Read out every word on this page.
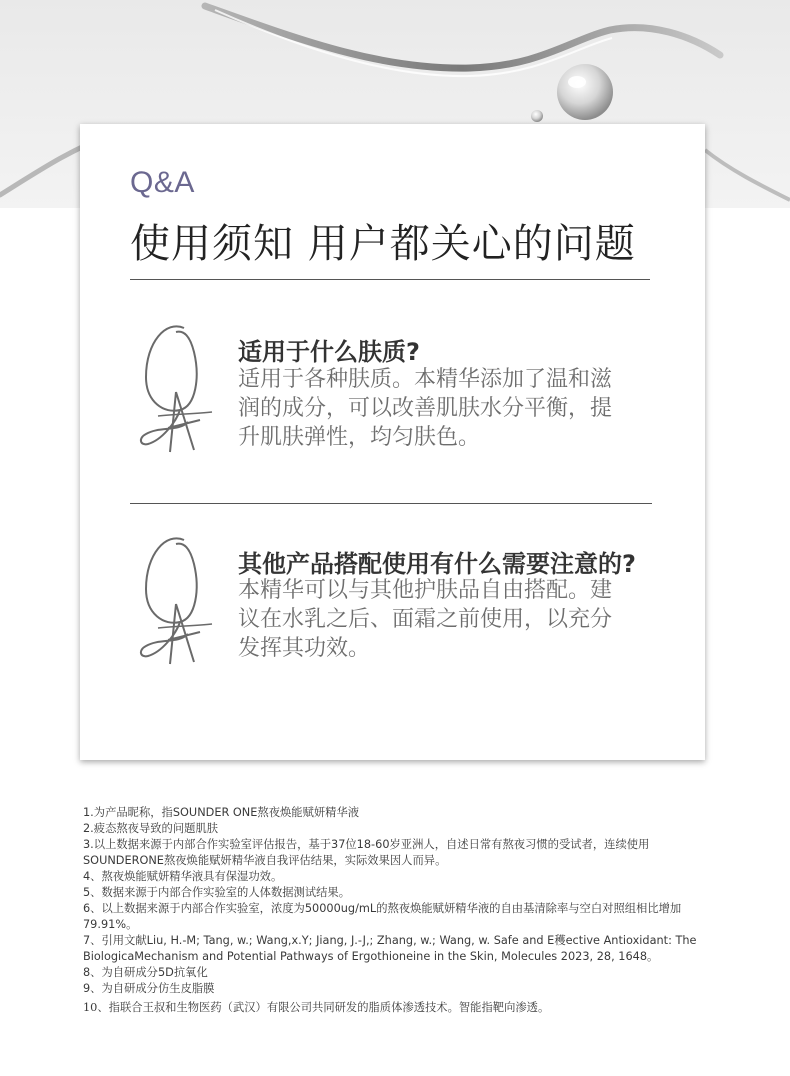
Q&A
使用须知 用户都关心的问题
适用于什么肤质?
适用于各种肤质。本精华添加了温和滋润的成分，可以改善肌肤水分平衡，提升肌肤弹性，均匀肤色。
其他产品搭配使用有什么需要注意的?
本精华可以与其他护肤品自由搭配。建议在水乳之后、面霜之前使用，以充分发挥其功效。

1.为产品昵称，指SOUNDER ONE熬夜焕能赋妍精华液

2.疲态熬夜导致的问题肌肤

3.以上数据来源于内部合作实验室评估报告，基于37位18-60岁亚洲人，自述日常有熬夜习惯的受试者，连续使用SOUNDERONE熬夜焕能赋妍精华液自我评估结果，实际效果因人而异。

4、熬夜焕能赋妍精华液具有保湿功效。

5、数据来源于内部合作实验室的人体数据测试结果。

6、以上数据来源于内部合作实验室，浓度为50000ug/mL的熬夜焕能赋妍精华液的自由基清除率与空白对照组相比增加79.91%。

7、引用文献Liu, H.-M; Tang, w.; Wang,x.Y; Jiang, J.-J,; Zhang, w.; Wang, w. Safe and E穫ective Antioxidant: The BiologicaMechanism and Potential Pathways of Ergothioneine in the Skin, Molecules 2023, 28, 1648。

8、为自研成分5D抗氧化

9、为自研成分仿生皮脂膜

10、指联合王叔和生物医药（武汉）有限公司共同研发的脂质体渗透技术。智能指靶向渗透。
